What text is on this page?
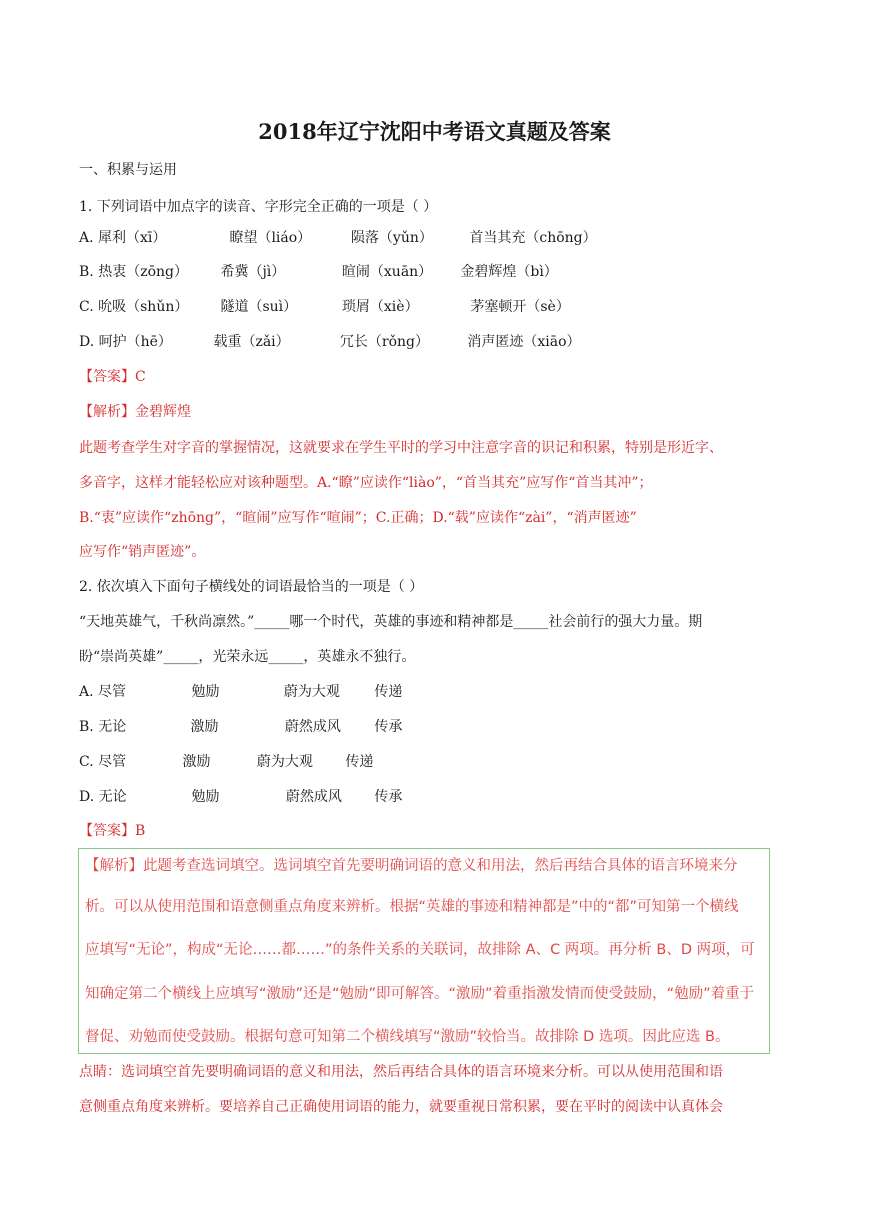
2018年辽宁沈阳中考语文真题及答案
一、积累与运用
1. 下列词语中加点字的读音、字形完全正确的一项是（ ）
A. 犀利（xī）	瞭望（liáo）	陨落（yǔn）	首当其充（chōng）
B. 热衷（zōng） 希冀（jì）	暄闹（xuān） 金碧辉煌（bì）
C. 吮吸（shǔn） 隧道（suì）	琐屑（xiè）	茅塞顿开（sè）
D. 呵护（hē）	载重（zǎi）	冗长（rǒng）	消声匿迹（xiāo）
【答案】C
【解析】金碧辉煌
此题考查学生对字音的掌握情况，这就要求在学生平时的学习中注意字音的识记和积累，特别是形近字、
多音字，这样才能轻松应对该种题型。A.“瞭”应读作“liào”，“首当其充”应写作“首当其冲”；
B.“衷”应读作“zhōng”，“暄闹”应写作“喧闹”；C.正确；D.“载”应读作“zài”，“消声匿迹”
应写作“销声匿迹”。
2. 依次填入下面句子横线处的词语最恰当的一项是（ ）
“天地英雄气，千秋尚凛然。”_____哪一个时代，英雄的事迹和精神都是_____社会前行的强大力量。期
盼“崇尚英雄”_____，光荣永远_____，英雄永不独行。
A. 尽管	勉励	蔚为大观 传递
B. 无论	激励	蔚然成风 传承
C. 尽管	激励	蔚为大观 传递
D. 无论	勉励	蔚然成风 传承
【答案】B
【解析】此题考查选词填空。选词填空首先要明确词语的意义和用法，然后再结合具体的语言环境来分
析。可以从使用范围和语意侧重点角度来辨析。根据“英雄的事迹和精神都是”中的“都”可知第一个横线
应填写“无论”，构成“无论……都……”的条件关系的关联词，故排除 A、C 两项。再分析 B、D 两项，可
知确定第二个横线上应填写“激励”还是“勉励”即可解答。“激励”着重指激发情而使受鼓励，“勉励”着重于
督促、劝勉而使受鼓励。根据句意可知第二个横线填写“激励”较恰当。故排除 D 选项。因此应选 B。
点睛：选词填空首先要明确词语的意义和用法，然后再结合具体的语言环境来分析。可以从使用范围和语
意侧重点角度来辨析。要培养自己正确使用词语的能力，就要重视日常积累，要在平时的阅读中认真体会
